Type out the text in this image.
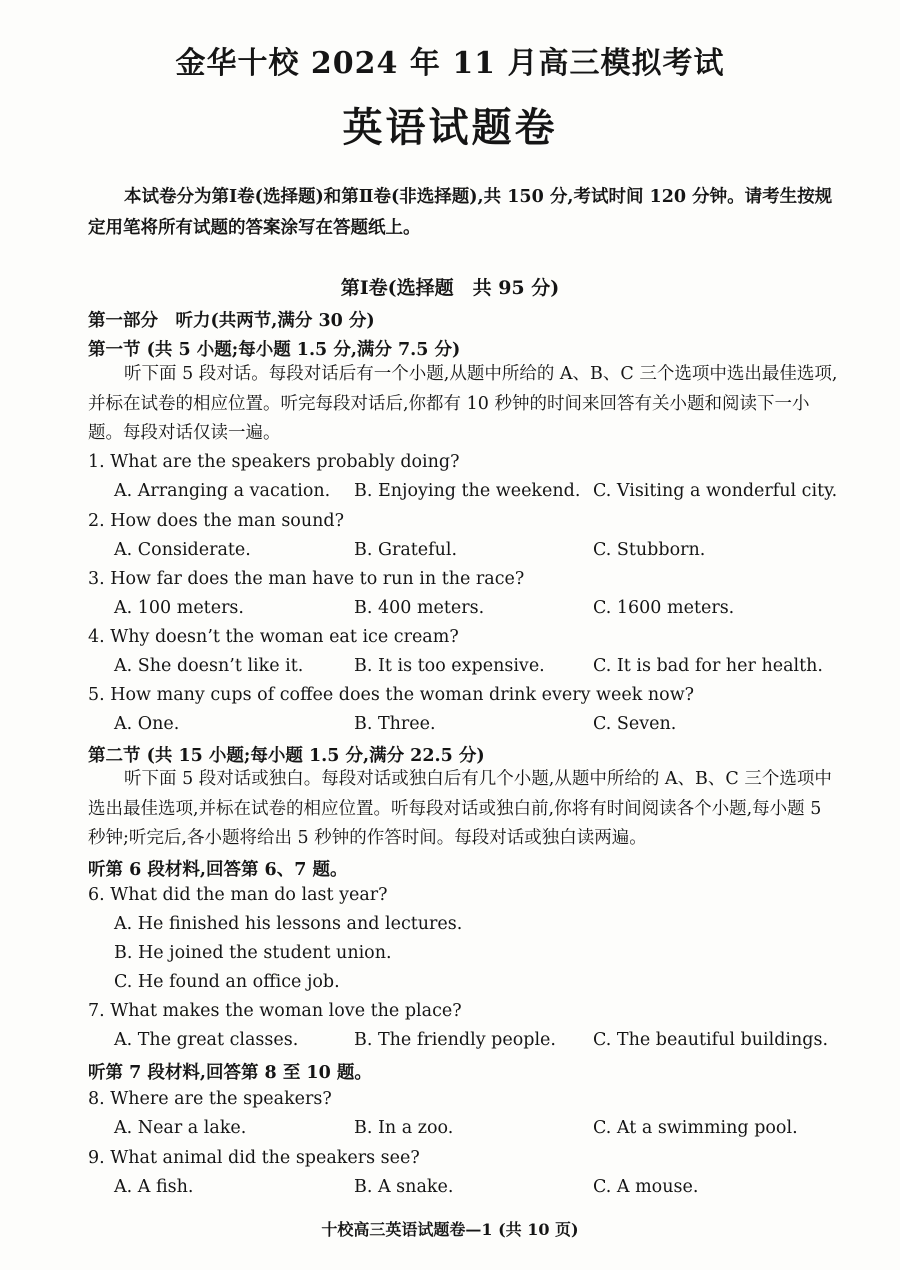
金华十校 2024 年 11 月高三模拟考试
英语试题卷
本试卷分为第Ⅰ卷(选择题)和第Ⅱ卷(非选择题),共 150 分,考试时间 120 分钟。请考生按规定用笔将所有试题的答案涂写在答题纸上。
第Ⅰ卷(选择题　共 95 分)
第一部分　听力(共两节,满分 30 分)
第一节 (共 5 小题;每小题 1.5 分,满分 7.5 分)
听下面 5 段对话。每段对话后有一个小题,从题中所给的 A、B、C 三个选项中选出最佳选项,并标在试卷的相应位置。听完每段对话后,你都有 10 秒钟的时间来回答有关小题和阅读下一小题。每段对话仅读一遍。
1. What are the speakers probably doing?
A. Arranging a vacation. B. Enjoying the weekend. C. Visiting a wonderful city.
2. How does the man sound?
A. Considerate.	B. Grateful.	C. Stubborn.
3. How far does the man have to run in the race?
A. 100 meters.	B. 400 meters.	C. 1600 meters.
4. Why doesn’t the woman eat ice cream?
A. She doesn’t like it.	B. It is too expensive.	C. It is bad for her health.
5. How many cups of coffee does the woman drink every week now?
A. One.	B. Three.	C. Seven.
第二节 (共 15 小题;每小题 1.5 分,满分 22.5 分)
听下面 5 段对话或独白。每段对话或独白后有几个小题,从题中所给的 A、B、C 三个选项中选出最佳选项,并标在试卷的相应位置。听每段对话或独白前,你将有时间阅读各个小题,每小题 5 秒钟;听完后,各小题将给出 5 秒钟的作答时间。每段对话或独白读两遍。
听第 6 段材料,回答第 6、7 题。
6. What did the man do last year?
A. He finished his lessons and lectures.
B. He joined the student union.
C. He found an office job.
7. What makes the woman love the place?
A. The great classes.	B. The friendly people. C. The beautiful buildings.
听第 7 段材料,回答第 8 至 10 题。
8. Where are the speakers?
A. Near a lake.	B. In a zoo.	C. At a swimming pool.
9. What animal did the speakers see?
A. A fish.	B. A snake.	C. A mouse.
十校高三英语试题卷—1 (共 10 页)
